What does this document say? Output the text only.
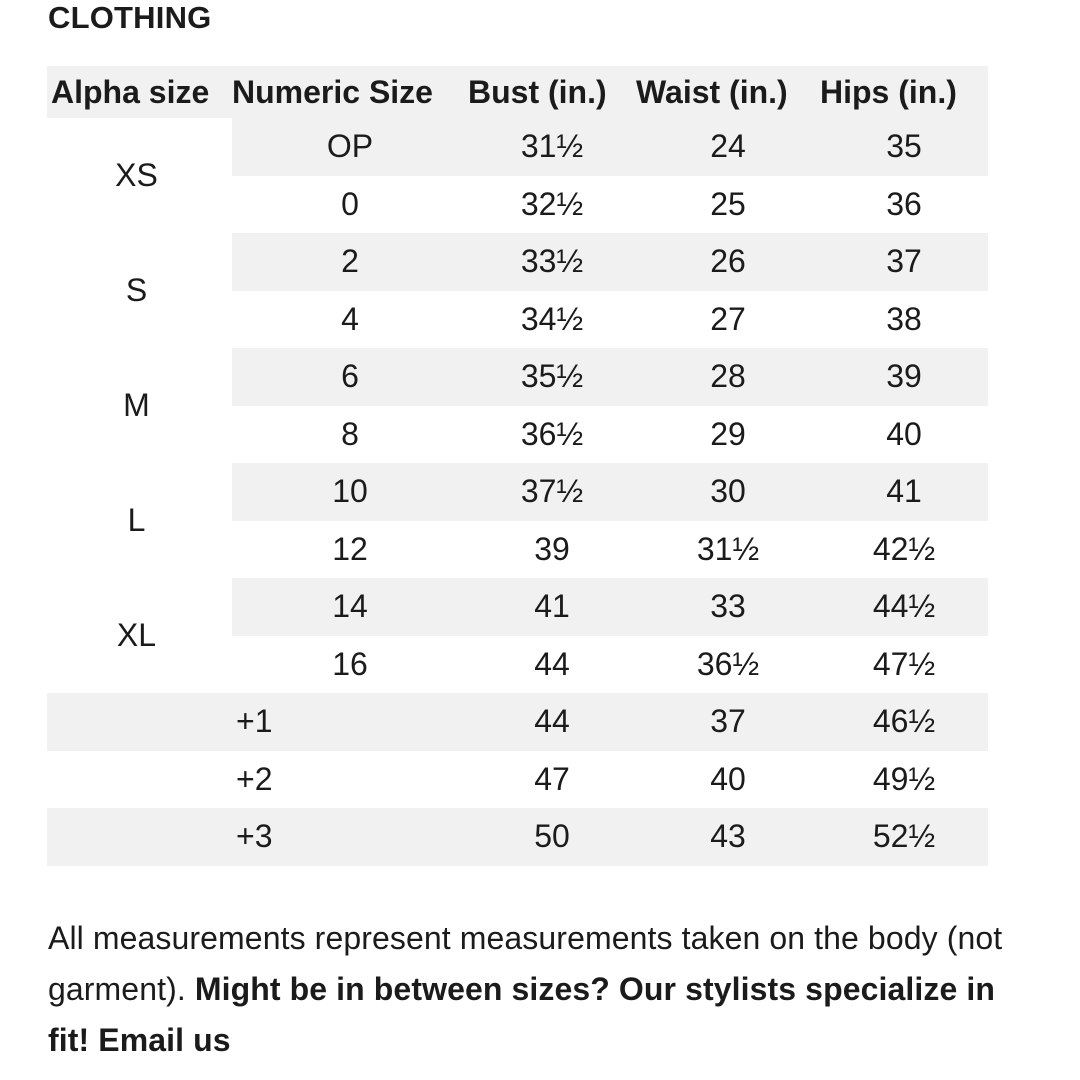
CLOTHING
Alpha size	Numeric Size	Bust (in.)	Waist (in.)	Hips (in.)
XS	OP	31½	24	35
	0	32½	25	36
S	2	33½	26	37
	4	34½	27	38
M	6	35½	28	39
	8	36½	29	40
L	10	37½	30	41
	12	39	31½	42½
XL	14	41	33	44½
	16	44	36½	47½
	+1	44	37	46½
	+2	47	40	49½
	+3	50	43	52½

All measurements represent measurements taken on the body (not garment). Might be in between sizes? Our stylists specialize in fit! Email us
